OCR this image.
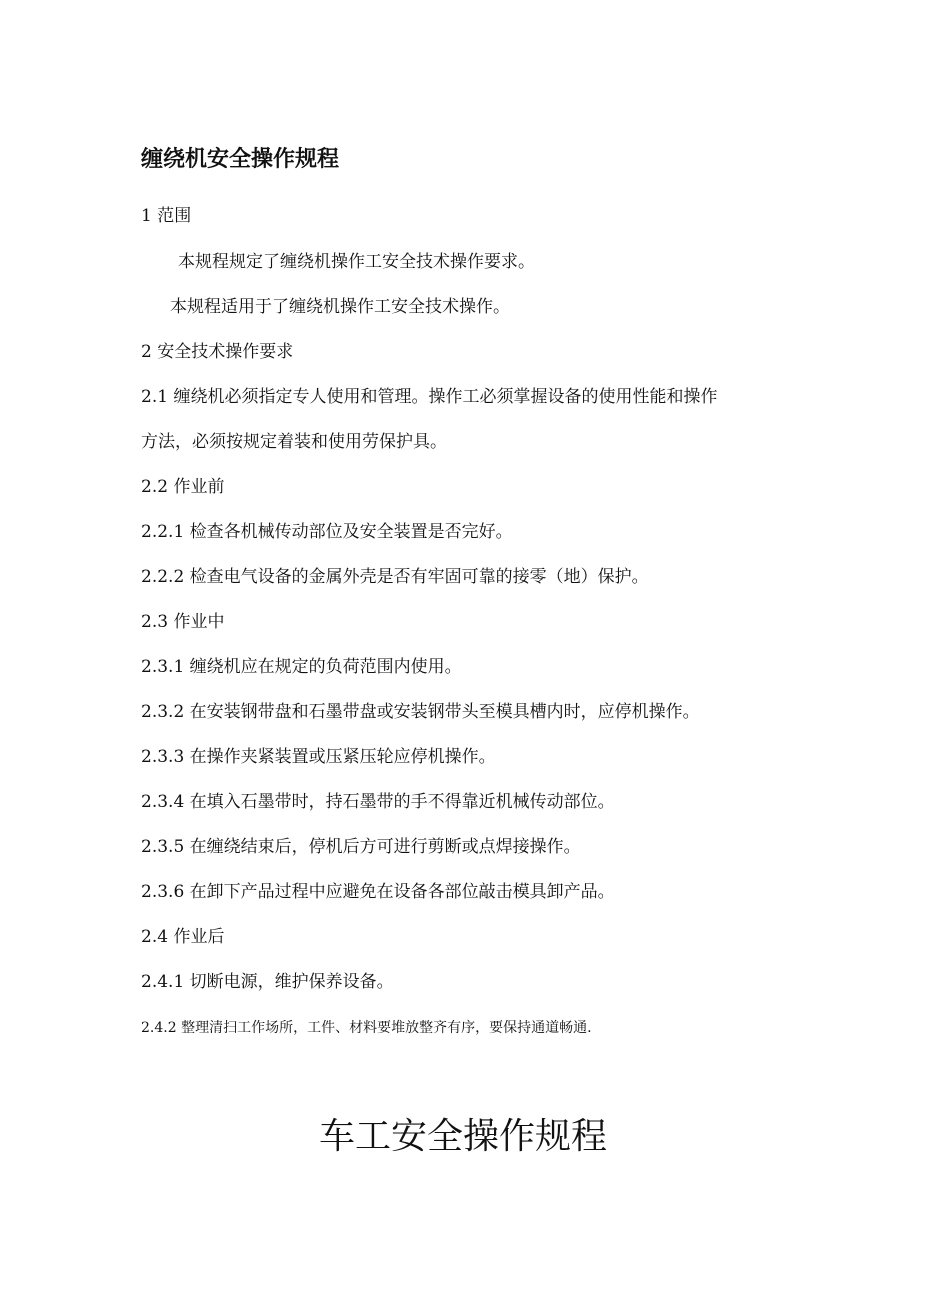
缠绕机安全操作规程
1 范围
本规程规定了缠绕机操作工安全技术操作要求。
本规程适用于了缠绕机操作工安全技术操作。
2 安全技术操作要求
2.1 缠绕机必须指定专人使用和管理。操作工必须掌握设备的使用性能和操作
方法，必须按规定着装和使用劳保护具。
2.2 作业前
2.2.1 检查各机械传动部位及安全装置是否完好。
2.2.2 检查电气设备的金属外壳是否有牢固可靠的接零（地）保护。
2.3 作业中
2.3.1 缠绕机应在规定的负荷范围内使用。
2.3.2 在安装钢带盘和石墨带盘或安装钢带头至模具槽内时，应停机操作。
2.3.3 在操作夹紧装置或压紧压轮应停机操作。
2.3.4 在填入石墨带时，持石墨带的手不得靠近机械传动部位。
2.3.5 在缠绕结束后，停机后方可进行剪断或点焊接操作。
2.3.6 在卸下产品过程中应避免在设备各部位敲击模具卸产品。
2.4 作业后
2.4.1 切断电源，维护保养设备。
2.4.2 整理清扫工作场所，工件、材料要堆放整齐有序，要保持通道畅通.
车工安全操作规程
